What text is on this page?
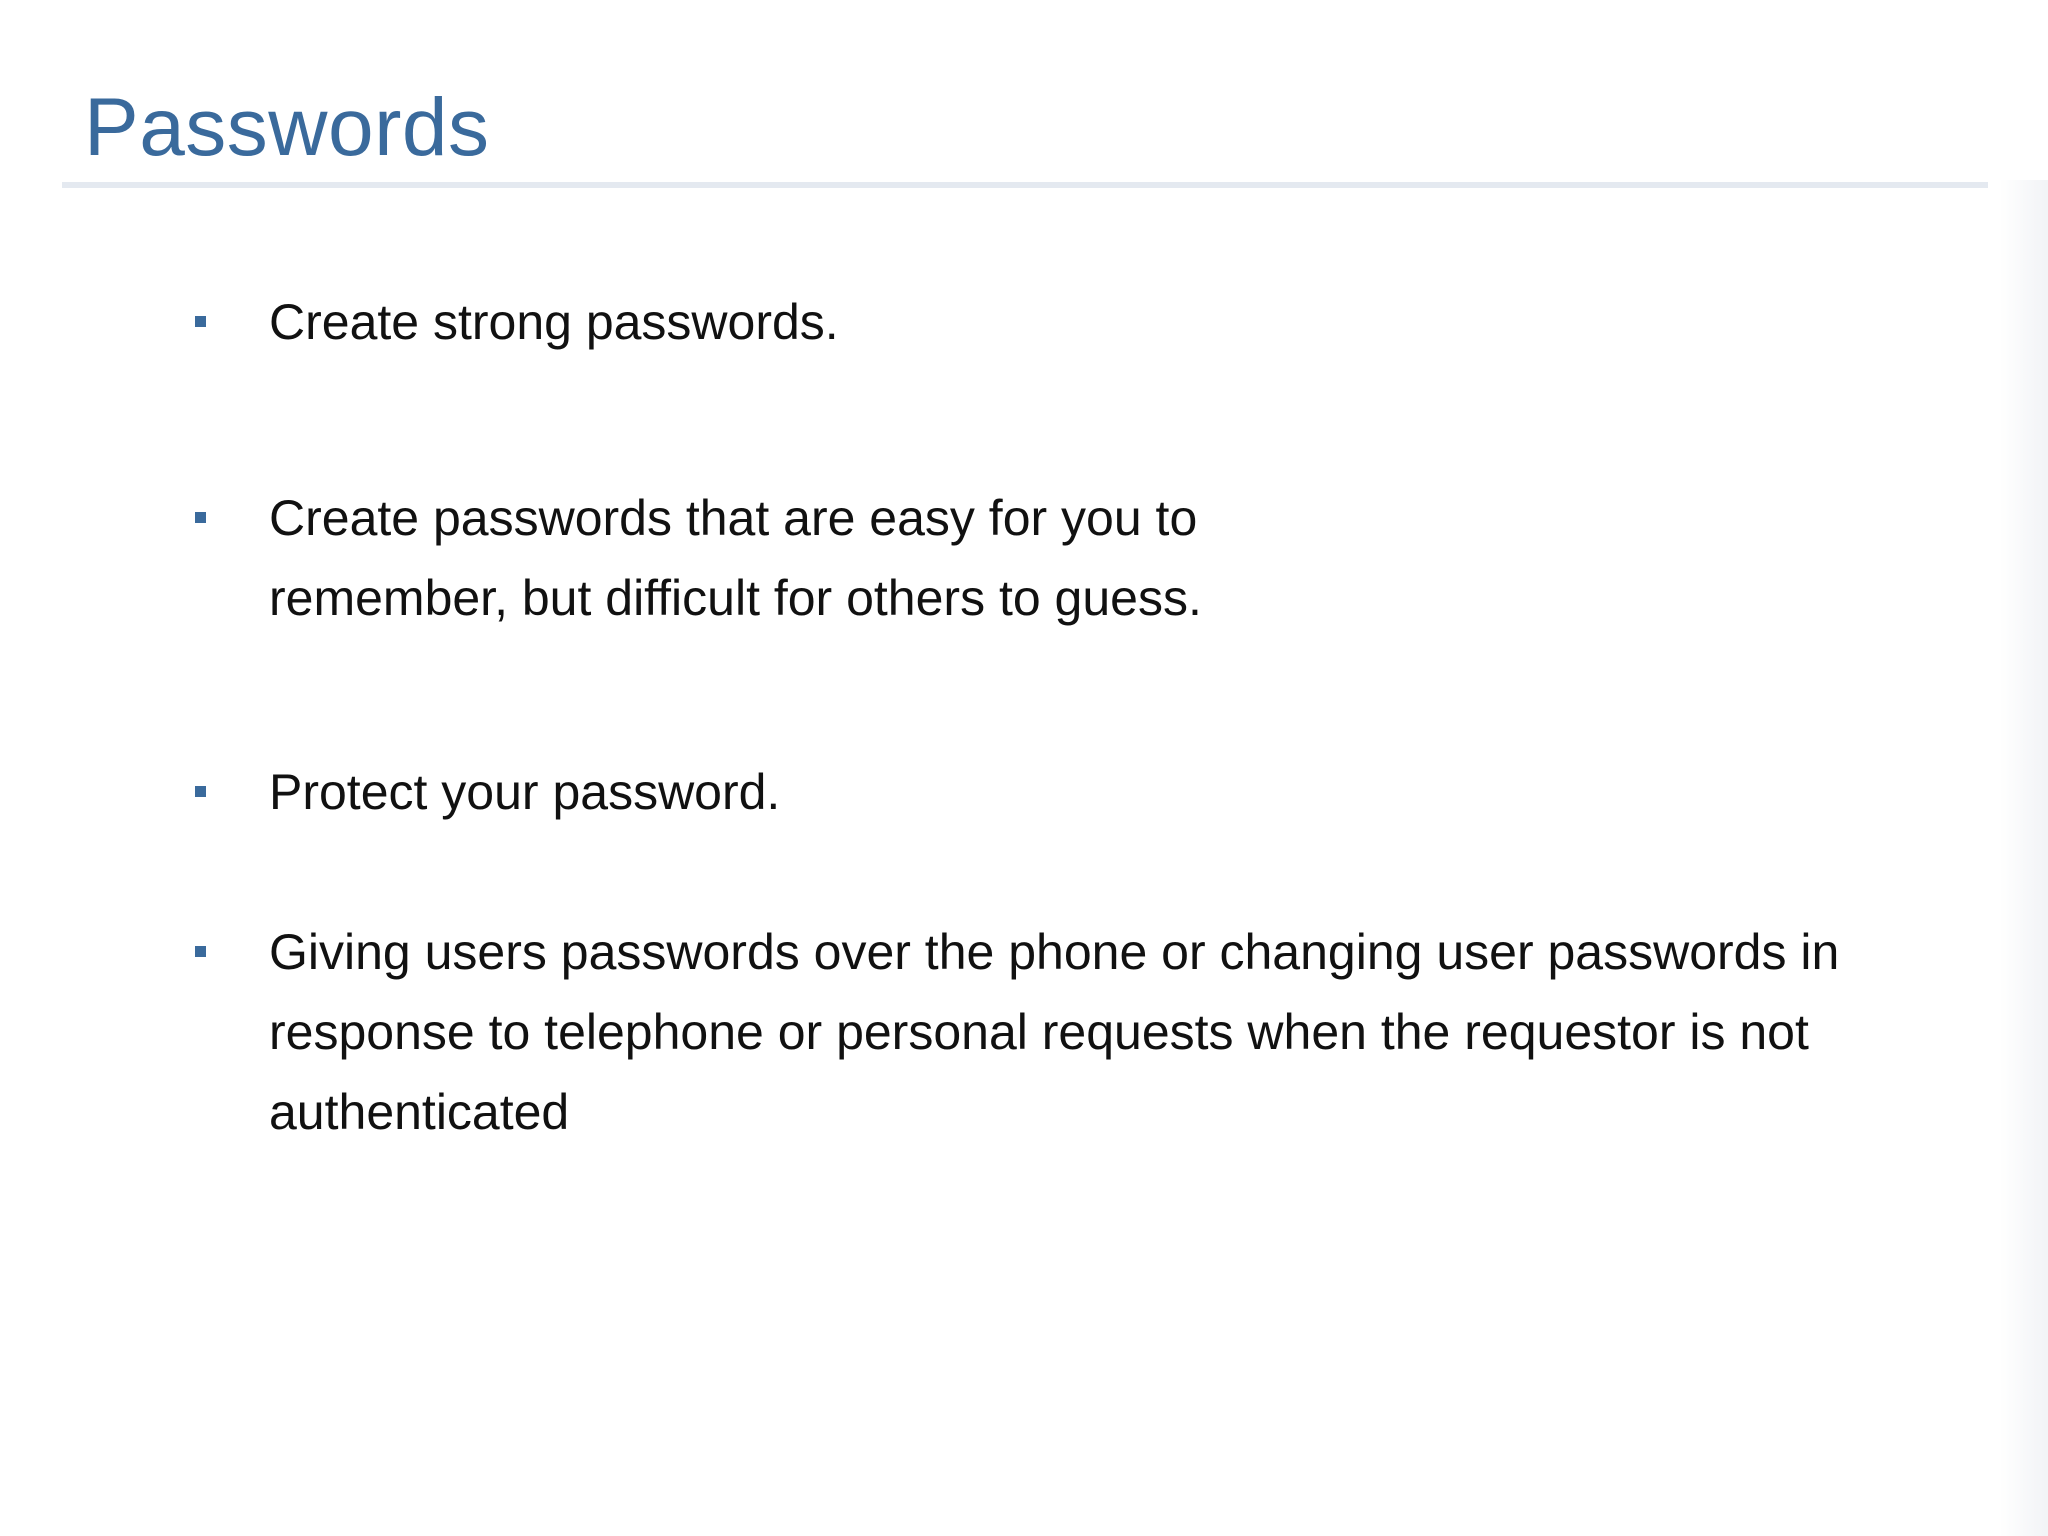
Passwords
Create strong passwords.
Create passwords that are easy for you to
remember, but difficult for others to guess.
Protect your password.
Giving users passwords over the phone or changing user passwords in response to telephone or personal requests when the requestor is not authenticated
